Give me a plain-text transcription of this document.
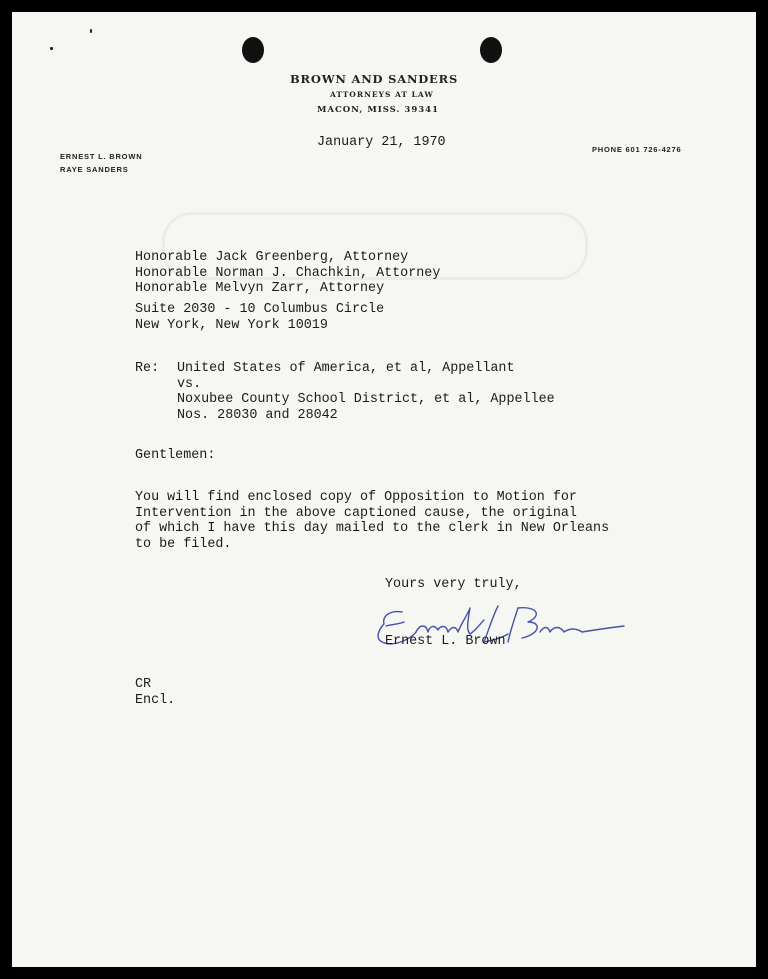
BROWN AND SANDERS
ATTORNEYS AT LAW
MACON, MISS. 39341
ERNEST L. BROWN
RAYE SANDERS
PHONE 601 726-4276
January 21, 1970
Honorable Jack Greenberg, Attorney
Honorable Norman J. Chachkin, Attorney
Honorable Melvyn Zarr, Attorney
Suite 2030 - 10 Columbus Circle
New York, New York 10019
Re: United States of America, et al, Appellant
vs.
Noxubee County School District, et al, Appellee
Nos. 28030 and 28042
Gentlemen:
You will find enclosed copy of Opposition to Motion for
Intervention in the above captioned cause, the original
of which I have this day mailed to the clerk in New Orleans
to be filed.
Yours very truly,
Ernest L. Brown
CR
Encl.
